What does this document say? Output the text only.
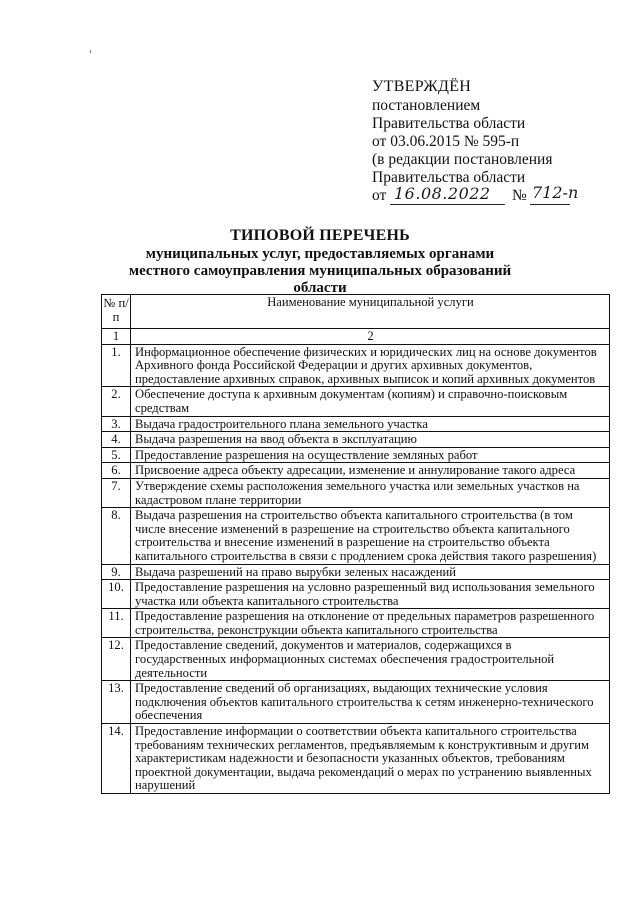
УТВЕРЖДЁН
постановлением
Правительства области
от 03.06.2015 № 595-п
(в редакции постановления
Правительства области
от 16.08.2022 № 712-п
ТИПОВОЙ ПЕРЕЧЕНЬ
муниципальных услуг, предоставляемых органами местного самоуправления муниципальных образований области
№ п/п	Наименование муниципальной услуги
1	2
1.	Информационное обеспечение физических и юридических лиц на основе документов Архивного фонда Российской Федерации и других архивных документов, предоставление архивных справок, архивных выписок и копий архивных документов
2.	Обеспечение доступа к архивным документам (копиям) и справочно-поисковым средствам
3.	Выдача градостроительного плана земельного участка
4.	Выдача разрешения на ввод объекта в эксплуатацию
5.	Предоставление разрешения на осуществление земляных работ
6.	Присвоение адреса объекту адресации, изменение и аннулирование такого адреса
7.	Утверждение схемы расположения земельного участка или земельных участков на кадастровом плане территории
8.	Выдача разрешения на строительство объекта капитального строительства (в том числе внесение изменений в разрешение на строительство объекта капитального строительства и внесение изменений в разрешение на строительство объекта капитального строительства в связи с продлением срока действия такого разрешения)
9.	Выдача разрешений на право вырубки зеленых насаждений
10.	Предоставление разрешения на условно разрешенный вид использования земельного участка или объекта капитального строительства
11.	Предоставление разрешения на отклонение от предельных параметров разрешенного строительства, реконструкции объекта капитального строительства
12.	Предоставление сведений, документов и материалов, содержащихся в государственных информационных системах обеспечения градостроительной деятельности
13.	Предоставление сведений об организациях, выдающих технические условия подключения объектов капитального строительства к сетям инженерно-технического обеспечения
14.	Предоставление информации о соответствии объекта капитального строительства требованиям технических регламентов, предъявляемым к конструктивным и другим характеристикам надежности и безопасности указанных объектов, требованиям проектной документации, выдача рекомендаций о мерах по устранению выявленных нарушений
